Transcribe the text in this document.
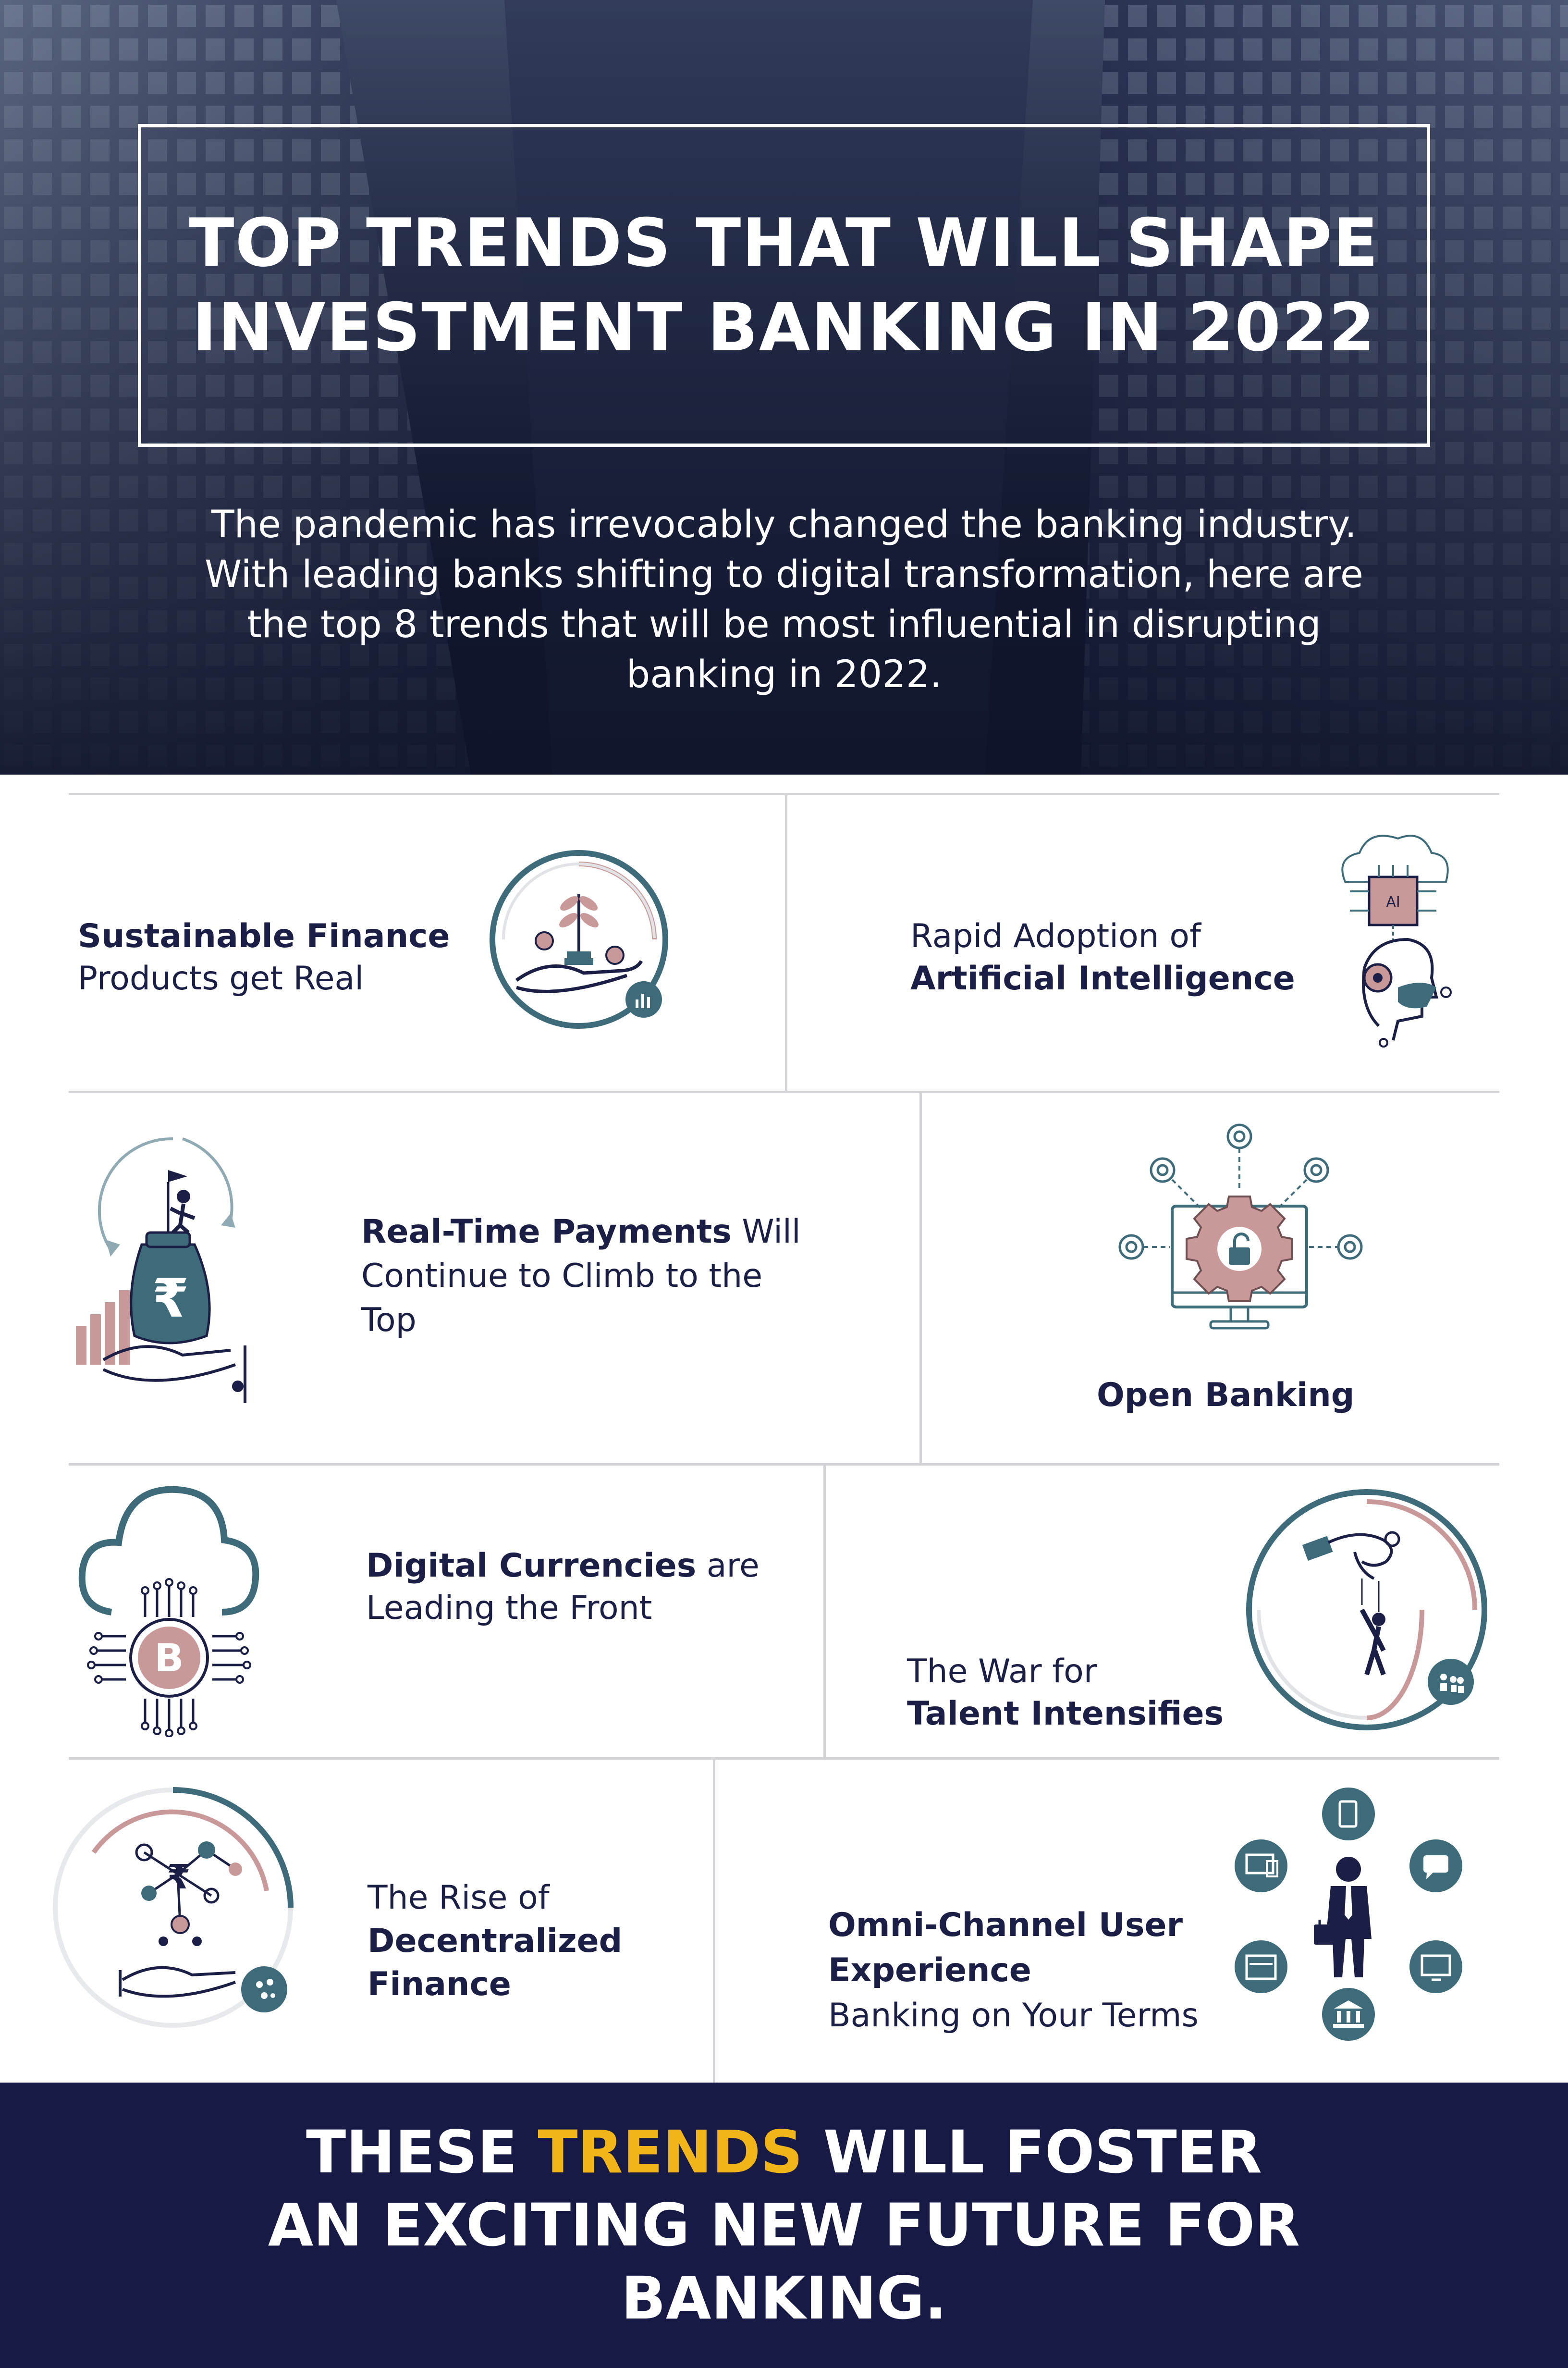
TOP TRENDS THAT WILL SHAPE
INVESTMENT BANKING IN 2022
The pandemic has irrevocably changed the banking industry.
With leading banks shifting to digital transformation, here are
the top 8 trends that will be most influential in disrupting
banking in 2022.
Sustainable Finance
Products get Real
Rapid Adoption of
Artificial Intelligence
AI
₹
Real-Time Payments Will
Continue to Climb to the
Top
Open Banking
B
Digital Currencies are
Leading the Front
The War for
Talent Intensifies
₹
The Rise of
Decentralized
Finance
Omni-Channel User
Experience
Banking on Your Terms
THESE TRENDS WILL FOSTER
AN EXCITING NEW FUTURE FOR
BANKING.
